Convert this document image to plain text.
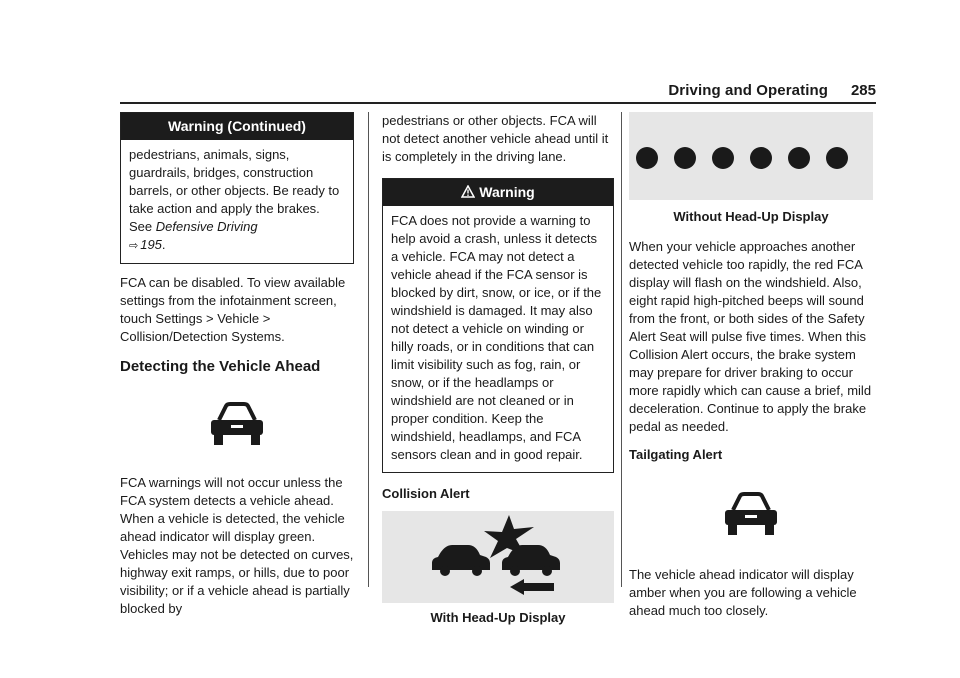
Driving and Operating 285
Warning (Continued)
pedestrians, animals, signs, guardrails, bridges, construction barrels, or other objects. Be ready to take action and apply the brakes. See Defensive Driving
⇨ 195.

FCA can be disabled. To view available settings from the infotainment screen, touch Settings > Vehicle > Collision/Detection Systems.

Detecting the Vehicle Ahead

FCA warnings will not occur unless the FCA system detects a vehicle ahead. When a vehicle is detected, the vehicle ahead indicator will display green. Vehicles may not be detected on curves, highway exit ramps, or hills, due to poor visibility; or if a vehicle ahead is partially blocked by

pedestrians or other objects. FCA will not detect another vehicle ahead until it is completely in the driving lane.

Warning
FCA does not provide a warning to help avoid a crash, unless it detects a vehicle. FCA may not detect a vehicle ahead if the FCA sensor is blocked by dirt, snow, or ice, or if the windshield is damaged. It may also not detect a vehicle on winding or hilly roads, or in conditions that can limit visibility such as fog, rain, or snow, or if the headlamps or windshield are not cleaned or in proper condition. Keep the windshield, headlamps, and FCA sensors clean and in good repair.
Collision Alert
With Head-Up Display
Without Head-Up Display

When your vehicle approaches another detected vehicle too rapidly, the red FCA display will flash on the windshield. Also, eight rapid high-pitched beeps will sound from the front, or both sides of the Safety Alert Seat will pulse five times. When this Collision Alert occurs, the brake system may prepare for driver braking to occur more rapidly which can cause a brief, mild deceleration. Continue to apply the brake pedal as needed.

Tailgating Alert

The vehicle ahead indicator will display amber when you are following a vehicle ahead much too closely.
